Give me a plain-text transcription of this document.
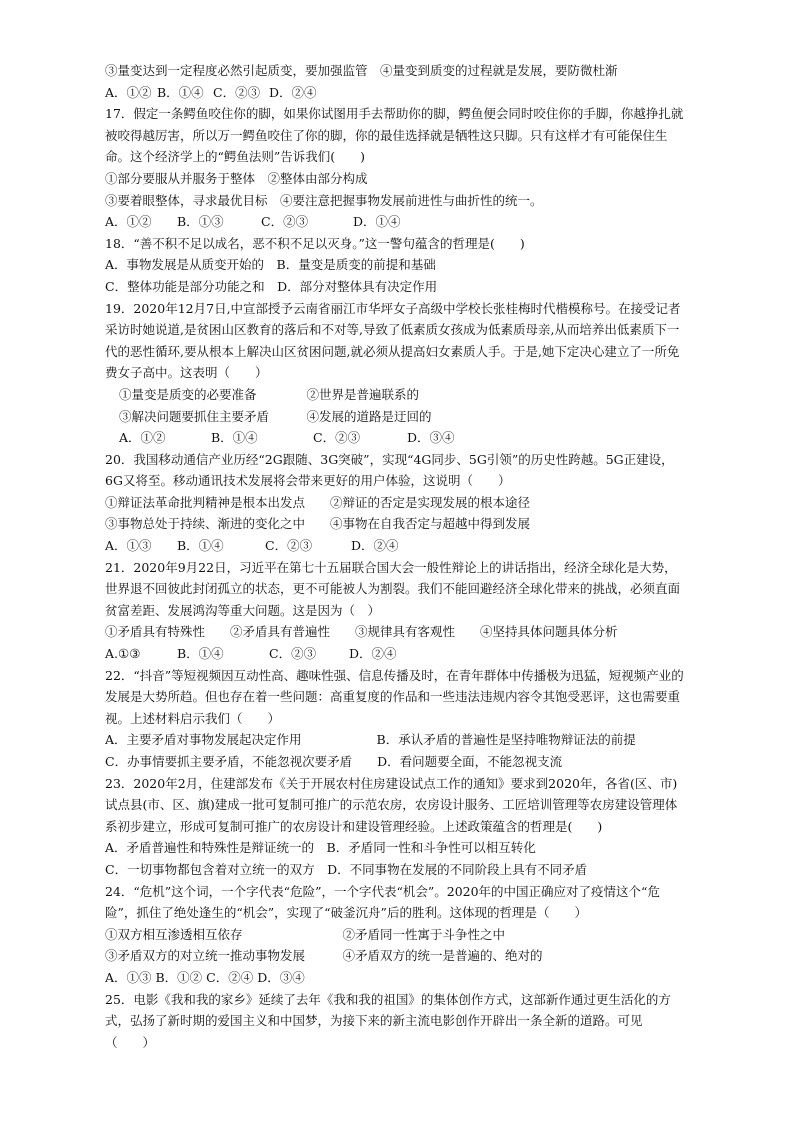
③量变达到一定程度必然引起质变，要加强监管　④量变到质变的过程就是发展，要防微杜渐
A．①② B．①④ C．②③ D．②④
17．假定一条鳄鱼咬住你的脚，如果你试图用手去帮助你的脚，鳄鱼便会同时咬住你的手脚，你越挣扎就被咬得越厉害，所以万一鳄鱼咬住了你的脚，你的最佳选择就是牺牲这只脚。只有这样才有可能保住生命。这个经济学上的“鳄鱼法则”告诉我们(　　)
①部分要服从并服务于整体　②整体由部分构成
③要着眼整体，寻求最优目标　④要注意把握事物发展前进性与曲折性的统一。
A．①②	B．①③	C．②③	D．①④
18．“善不积不足以成名，恶不积不足以灭身。”这一警句蕴含的哲理是(　　)
A．事物发展是从质变开始的　B．量变是质变的前提和基础
C．整体功能是部分功能之和　D．部分对整体具有决定作用
19．2020年12月7日,中宣部授予云南省丽江市华坪女子高级中学校长张桂梅时代楷模称号。在接受记者采访时她说道,是贫困山区教育的落后和不对等,导致了低素质女孩成为低素质母亲,从而培养出低素质下一代的恶性循环,要从根本上解决山区贫困问题,就必须从提高妇女素质人手。于是,她下定决心建立了一所免费女子高中。这表明（　　）
①量变是质变的必要准备　　　　②世界是普遍联系的
③解决问题要抓住主要矛盾　　　④发展的道路是迂回的
A．①②	B．①④	C．②③	D．③④
20．我国移动通信产业历经“2G跟随、3G突破”，实现“4G同步、5G引领”的历史性跨越。5G正建设，6G又将至。移动通讯技术发展将会带来更好的用户体验，这说明（　　）
①辩证法革命批判精神是根本出发点　　②辩证的否定是实现发展的根本途径
③事物总处于持续、渐进的变化之中　　④事物在自我否定与超越中得到发展
A．①③	B．①④	C．②③	D．②④
21．2020年9月22日，习近平在第七十五届联合国大会一般性辩论上的讲话指出，经济全球化是大势，世界退不回彼此封闭孤立的状态，更不可能被人为割裂。我们不能回避经济全球化带来的挑战，必须直面贫富差距、发展鸿沟等重大问题。这是因为（　）
①矛盾具有特殊性　　②矛盾具有普遍性　　③规律具有客观性　　④坚持具体问题具体分析
A.①③	B．①④	C．②③	D．②④
22．“抖音”等短视频因互动性高、趣味性强、信息传播及时，在青年群体中传播极为迅猛，短视频产业的发展是大势所趋。但也存在着一些问题：高重复度的作品和一些违法违规内容令其饱受恶评，这也需要重视。上述材料启示我们（　　）
A．主要矛盾对事物发展起决定作用　　　　　　B．承认矛盾的普遍性是坚持唯物辩证法的前提
C．办事情要抓主要矛盾，不能忽视次要矛盾　　D．看问题要全面，不能忽视支流
23．2020年2月，住建部发布《关于开展农村住房建设试点工作的通知》要求到2020年，各省(区、市)试点县(市、区、旗)建成一批可复制可推广的示范农房，农房设计服务、工匠培训管理等农房建设管理体系初步建立，形成可复制可推广的农房设计和建设管理经验。上述政策蕴含的哲理是(　　)
A．矛盾普遍性和特殊性是辩证统一的　B．矛盾同一性和斗争性可以相互转化
C．一切事物都包含着对立统一的双方　D．不同事物在发展的不同阶段上具有不同矛盾
24．“危机”这个词，一个字代表“危险”，一个字代表“机会”。2020年的中国正确应对了疫情这个“危险”，抓住了绝处逢生的“机会”，实现了“破釜沉舟”后的胜利。这体现的哲理是（　　）
①双方相互渗透相互依存　　　　　　　　②矛盾同一性寓于斗争性之中
③矛盾双方的对立统一推动事物发展　　　④矛盾双方的统一是普遍的、绝对的
A．①③ B．①② C．②④ D．③④
25．电影《我和我的家乡》延续了去年《我和我的祖国》的集体创作方式，这部新作通过更生活化的方式，弘扬了新时期的爱国主义和中国梦，为接下来的新主流电影创作开辟出一条全新的道路。可见（　　）
